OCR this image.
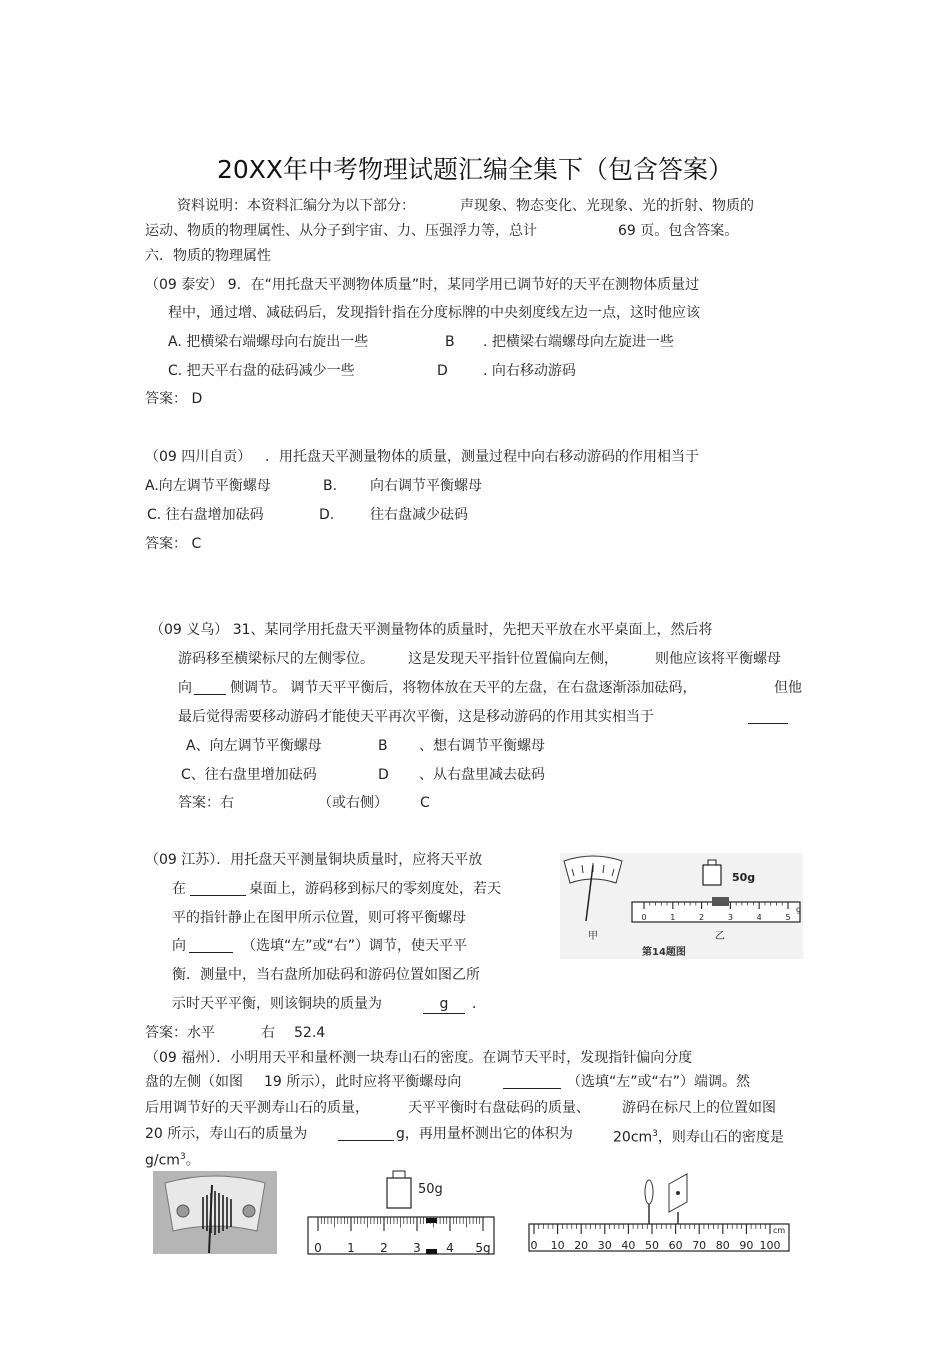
20XX年中考物理试题汇编全集下（包含答案）
资料说明：本资料汇编分为以下部分：	声现象、物态变化、光现象、光的折射、物质的
运动、物质的物理属性、从分子到宇宙、力、压强浮力等，总计	69 页。包含答案。
六．物质的物理属性
（09 泰安） 9．在“用托盘天平测物体质量”时，某同学用已调节好的天平在测物体质量过
程中，通过增、减砝码后，发现指针指在分度标牌的中央刻度线左边一点，这时他应该
A. 把横梁右端螺母向右旋出一些	B . 把横梁右端螺母向左旋进一些
C. 把天平右盘的砝码减少一些	D	. 向右移动游码
答案： D
（09 四川自贡） ．用托盘天平测量物体的质量，测量过程中向右移动游码的作用相当于
A.向左调节平衡螺母	B. 向右调节平衡螺母
C. 往右盘增加砝码	D.	往右盘减少砝码
答案： C
（09 义乌） 31、某同学用托盘天平测量物体的质量时，先把天平放在水平桌面上，然后将
游码移至横梁标尺的左侧零位。 这是发现天平指针位置偏向左侧，	则他应该将平衡螺母
向	侧调节。 调节天平平衡后，将物体放在天平的左盘，在右盘逐渐添加砝码，	但他
最后觉得需要移动游码才能使天平再次平衡，这是移动游码的作用其实相当于
A、向左调节平衡螺母	B 、想右调节平衡螺母
C、往右盘里增加砝码	D 、从右盘里减去砝码
答案：右	（或右侧） C
（09 江苏）．用托盘天平测量铜块质量时，应将天平放
在	桌面上，游码移到标尺的零刻度处，若天
平的指针静止在图甲所示位置，则可将平衡螺母
向	（选填“左”或“右”）调节，使天平平
衡．测量中，当右盘所加砝码和游码位置如图乙所
示时天平平衡，则该铜块的质量为	g	．
答案：水平	右 52.4
甲
50g
0	1	2	3	4	5
g
乙
第14题图
（09 福州）．小明用天平和量杯测一块寿山石的密度。在调节天平时，发现指针偏向分度
盘的左侧（如图 19 所示），此时应将平衡螺母向	（选填“左”或“右”）端调。然
后用调节好的天平测寿山石的质量，	天平平衡时右盘砝码的质量、 游码在标尺上的位置如图
20 所示，寿山石的质量为	g，再用量杯测出它的体积为	$20cm^3$，则寿山石的密度是
$g/cm^3$。
50g
0 1 2 3 4 5g	0 10 20 30 40 50 60 70 80 90 100
cm
